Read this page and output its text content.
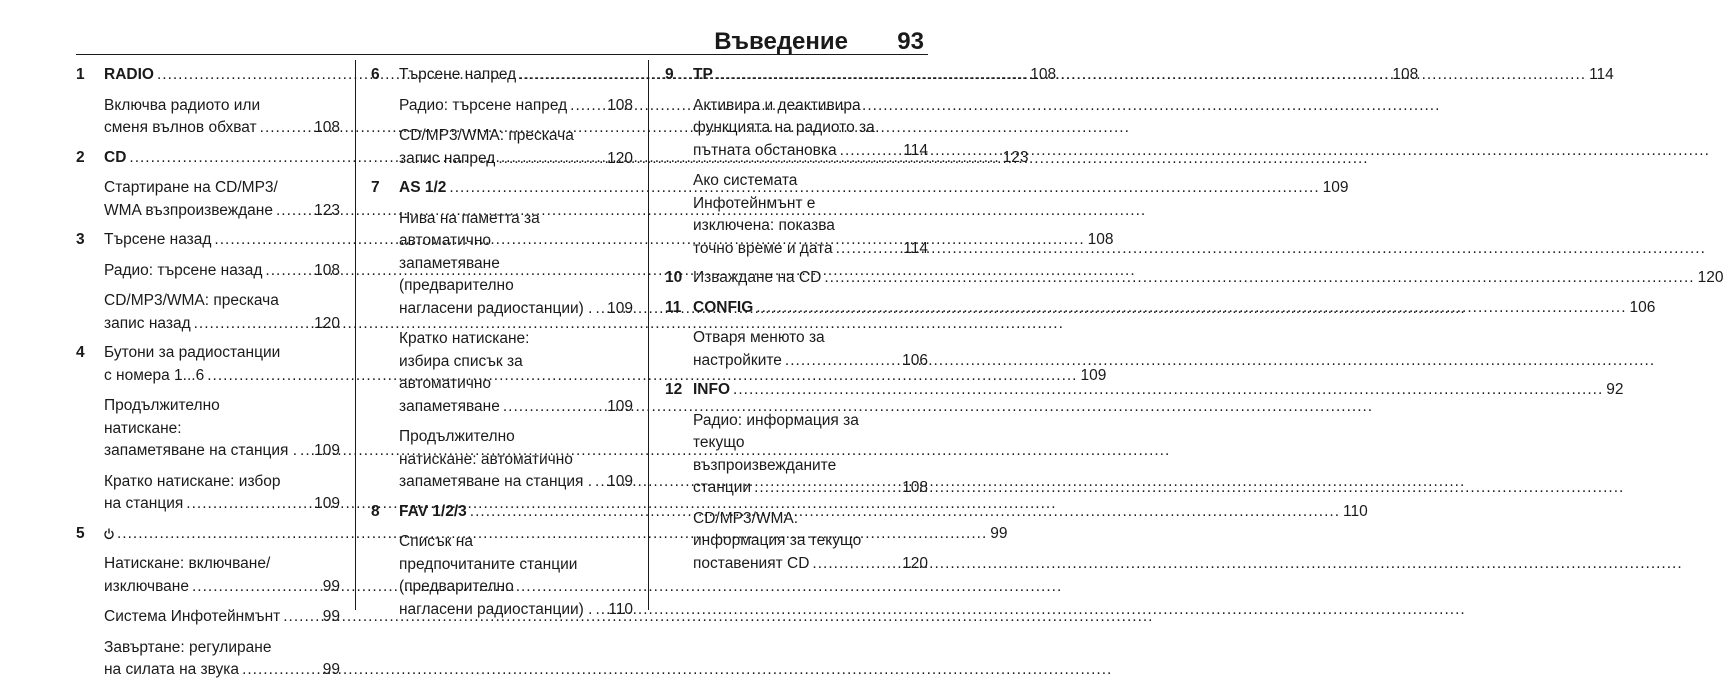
Въведение 93
1	RADIO .....	108
Включва радиото или
сменя вълнов обхват .....	108
2	CD .....	123
Стартиране на CD/MP3/
WMA възпроизвеждане .....	123
3	Търсене назад .....	108
Радио: търсене назад .....	108
CD/MP3/WMA: прескача
запис назад .....	120
4	Бутони за радиостанции
с номера 1...6 .....	109
Продължително
натискане:
запаметяване на станция . ..... 109
Кратко натискане: избор
на станция .....	109
5 .....	99
Натискане: включване/
изключване .....	99
Система Инфотейнмънт .....	99
Завъртане: регулиране
на силата на звука .....	99
6	Търсене напред .....	108
Радио: търсене напред .....	108
CD/MP3/WMA: прескача
запис напред .....	120
7	AS 1/2 .....	109
Нива на паметта за
автоматично
запаметяване
(предварително
нагласени радиостанции) . ..... 109
Кратко натискане:
избира списък за
автоматично
запаметяване .....	109
Продължително
натискане: автоматично
запаметяване на станция . ..... 109
8	FAV 1/2/3 .....	110
Списък на
предпочитаните станции
(предварително
нагласени радиостанции) . ..... 110
9	TP .....	114
Активира и деактивира
функцията на радиото за
пътната обстановка .....	114
Ако системата
Инфотейнмънт е
изключена: показва
точно време и дата .....	114
10 Изваждане на CD .....	120
11 CONFIG .....	106
Отваря менюто за
настройките .....	106
12 INFO .....	92
Радио: информация за
текущо
възпроизвежданите
станции .....	108
CD/MP3/WMA:
информация за текущо
поставеният CD .....	120
